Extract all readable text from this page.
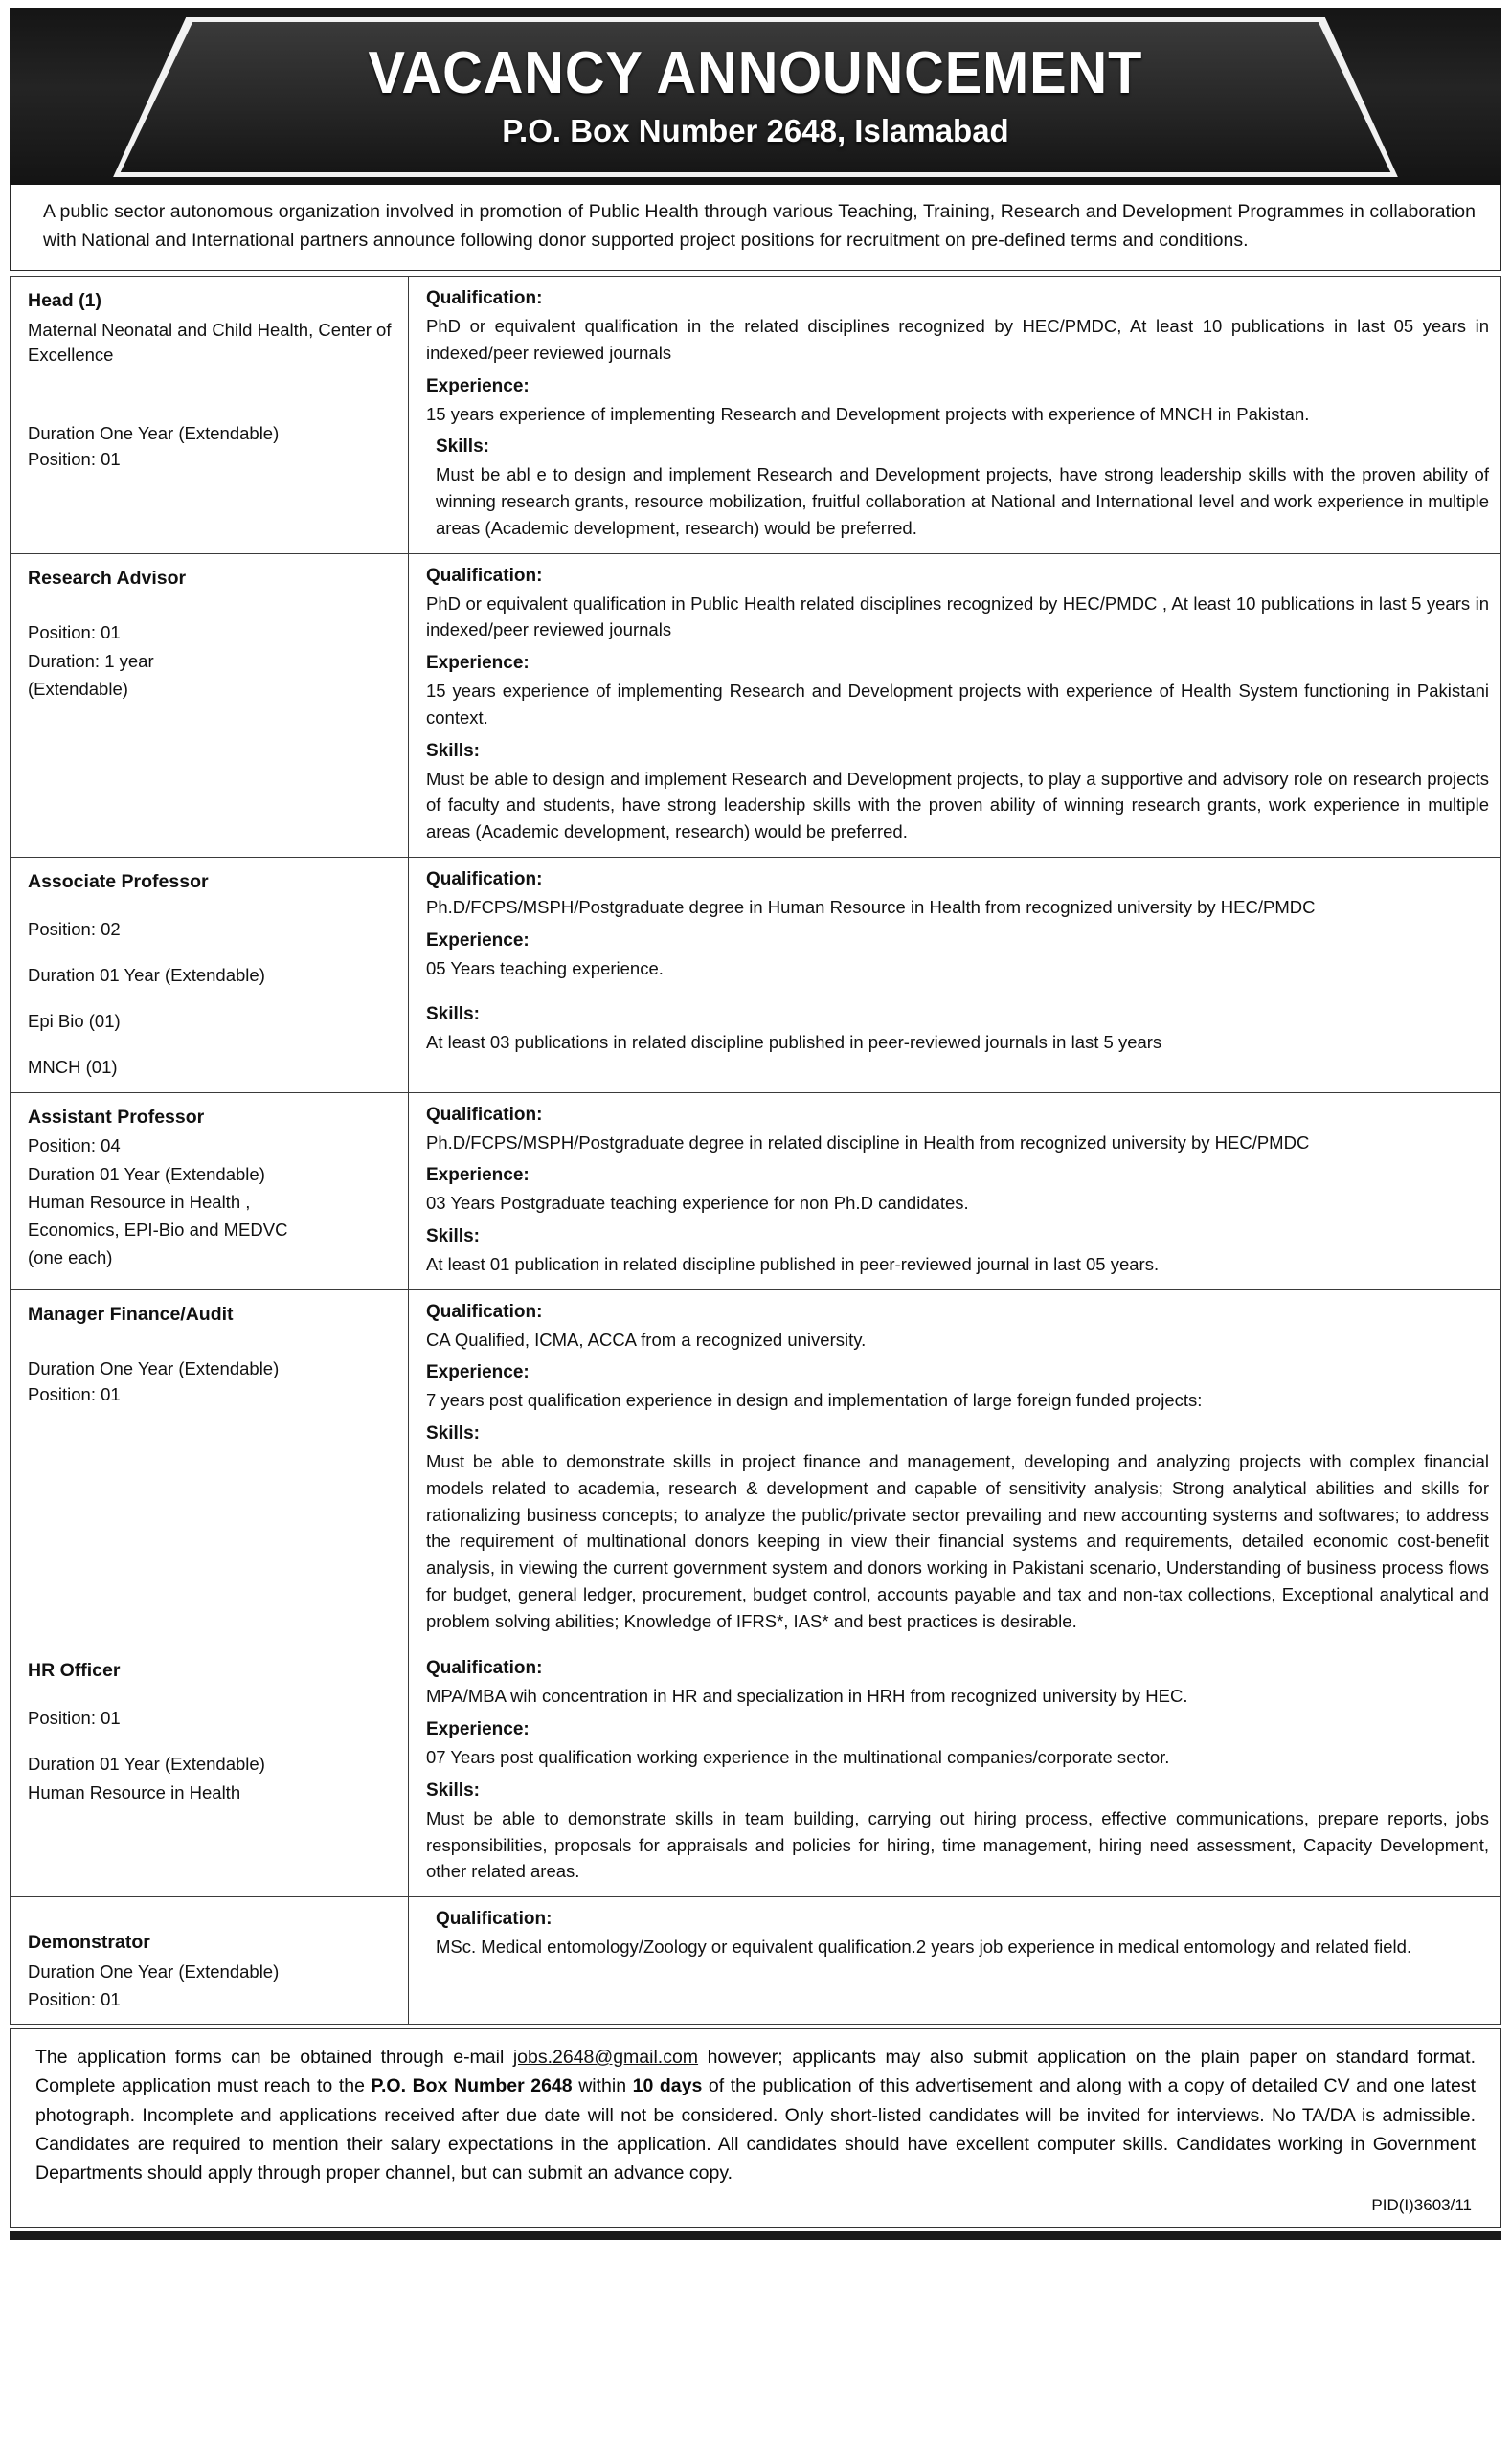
VACANCY ANNOUNCEMENT
P.O. Box Number 2648, Islamabad
A public sector autonomous organization involved in promotion of Public Health through various Teaching, Training, Research and Development Programmes in collaboration with National and International partners announce following donor supported project positions for recruitment on pre-defined terms and conditions.
Head (1)
Maternal Neonatal and Child Health, Center of Excellence
Duration One Year (Extendable)
Position: 01

Qualification:
PhD or equivalent qualification in the related disciplines recognized by HEC/PMDC, At least 10 publications in last 05 years in indexed/peer reviewed journals
Experience:
15 years experience of implementing Research and Development projects with experience of MNCH in Pakistan.
Skills:
Must be abl e to design and implement Research and Development projects, have strong leadership skills with the proven ability of winning research grants, resource mobilization, fruitful collaboration at National and International level and work experience in multiple areas (Academic development, research) would be preferred.

Research Advisor
Position: 01
Duration: 1 year
(Extendable)

Qualification:
PhD or equivalent qualification in Public Health related disciplines recognized by HEC/PMDC , At least 10 publications in last 5 years in indexed/peer reviewed journals
Experience:
15 years experience of implementing Research and Development projects with experience of Health System functioning in Pakistani context.
Skills:
Must be able to design and implement Research and Development projects, to play a supportive and advisory role on research projects of faculty and students, have strong leadership skills with the proven ability of winning research grants, work experience in multiple areas (Academic development, research) would be preferred.

Associate Professor
Position: 02
Duration 01 Year (Extendable)
Epi Bio (01)
MNCH (01)

Qualification:
Ph.D/FCPS/MSPH/Postgraduate degree in Human Resource in Health from recognized university by HEC/PMDC
Experience:
05 Years teaching experience.
Skills:
At least 03 publications in related discipline published in peer-reviewed journals in last 5 years

Assistant Professor
Position: 04
Duration 01 Year (Extendable)
Human Resource in Health ,
Economics, EPI-Bio and MEDVC
(one each)

Qualification:
Ph.D/FCPS/MSPH/Postgraduate degree in related discipline in Health from recognized university by HEC/PMDC
Experience:
03 Years Postgraduate teaching experience for non Ph.D candidates.
Skills:
At least 01 publication in related discipline published in peer-reviewed journal in last 05 years.

Manager Finance/Audit
Duration One Year (Extendable)
Position: 01

Qualification:
CA Qualified, ICMA, ACCA from a recognized university.
Experience:
7 years post qualification experience in design and implementation of large foreign funded projects:
Skills:
Must be able to demonstrate skills in project finance and management, developing and analyzing projects with complex financial models related to academia, research & development and capable of sensitivity analysis; Strong analytical abilities and skills for rationalizing business concepts; to analyze the public/private sector prevailing and new accounting systems and softwares; to address the requirement of multinational donors keeping in view their financial systems and requirements, detailed economic cost-benefit analysis, in viewing the current government system and donors working in Pakistani scenario, Understanding of business process flows for budget, general ledger, procurement, budget control, accounts payable and tax and non-tax collections, Exceptional analytical and problem solving abilities; Knowledge of IFRS*, IAS* and best practices is desirable.

HR Officer
Position: 01
Duration 01 Year (Extendable)
Human Resource in Health

Qualification:
MPA/MBA wih concentration in HR and specialization in HRH from recognized university by HEC.
Experience:
07 Years post qualification working experience in the multinational companies/corporate sector.
Skills:
Must be able to demonstrate skills in team building, carrying out hiring process, effective communications, prepare reports, jobs responsibilities, proposals for appraisals and policies for hiring, time management, hiring need assessment, Capacity Development, other related areas.

Demonstrator
Duration One Year (Extendable)
Position: 01

Qualification:
MSc. Medical entomology/Zoology or equivalent qualification.2 years job experience in medical entomology and related field.
The application forms can be obtained through e-mail jobs.2648@gmail.com however; applicants may also submit application on the plain paper on standard format. Complete application must reach to the P.O. Box Number 2648 within 10 days of the publication of this advertisement and along with a copy of detailed CV and one latest photograph. Incomplete and applications received after due date will not be considered. Only short-listed candidates will be invited for interviews. No TA/DA is admissible. Candidates are required to mention their salary expectations in the application. All candidates should have excellent computer skills. Candidates working in Government Departments should apply through proper channel, but can submit an advance copy.
PID(I)3603/11
